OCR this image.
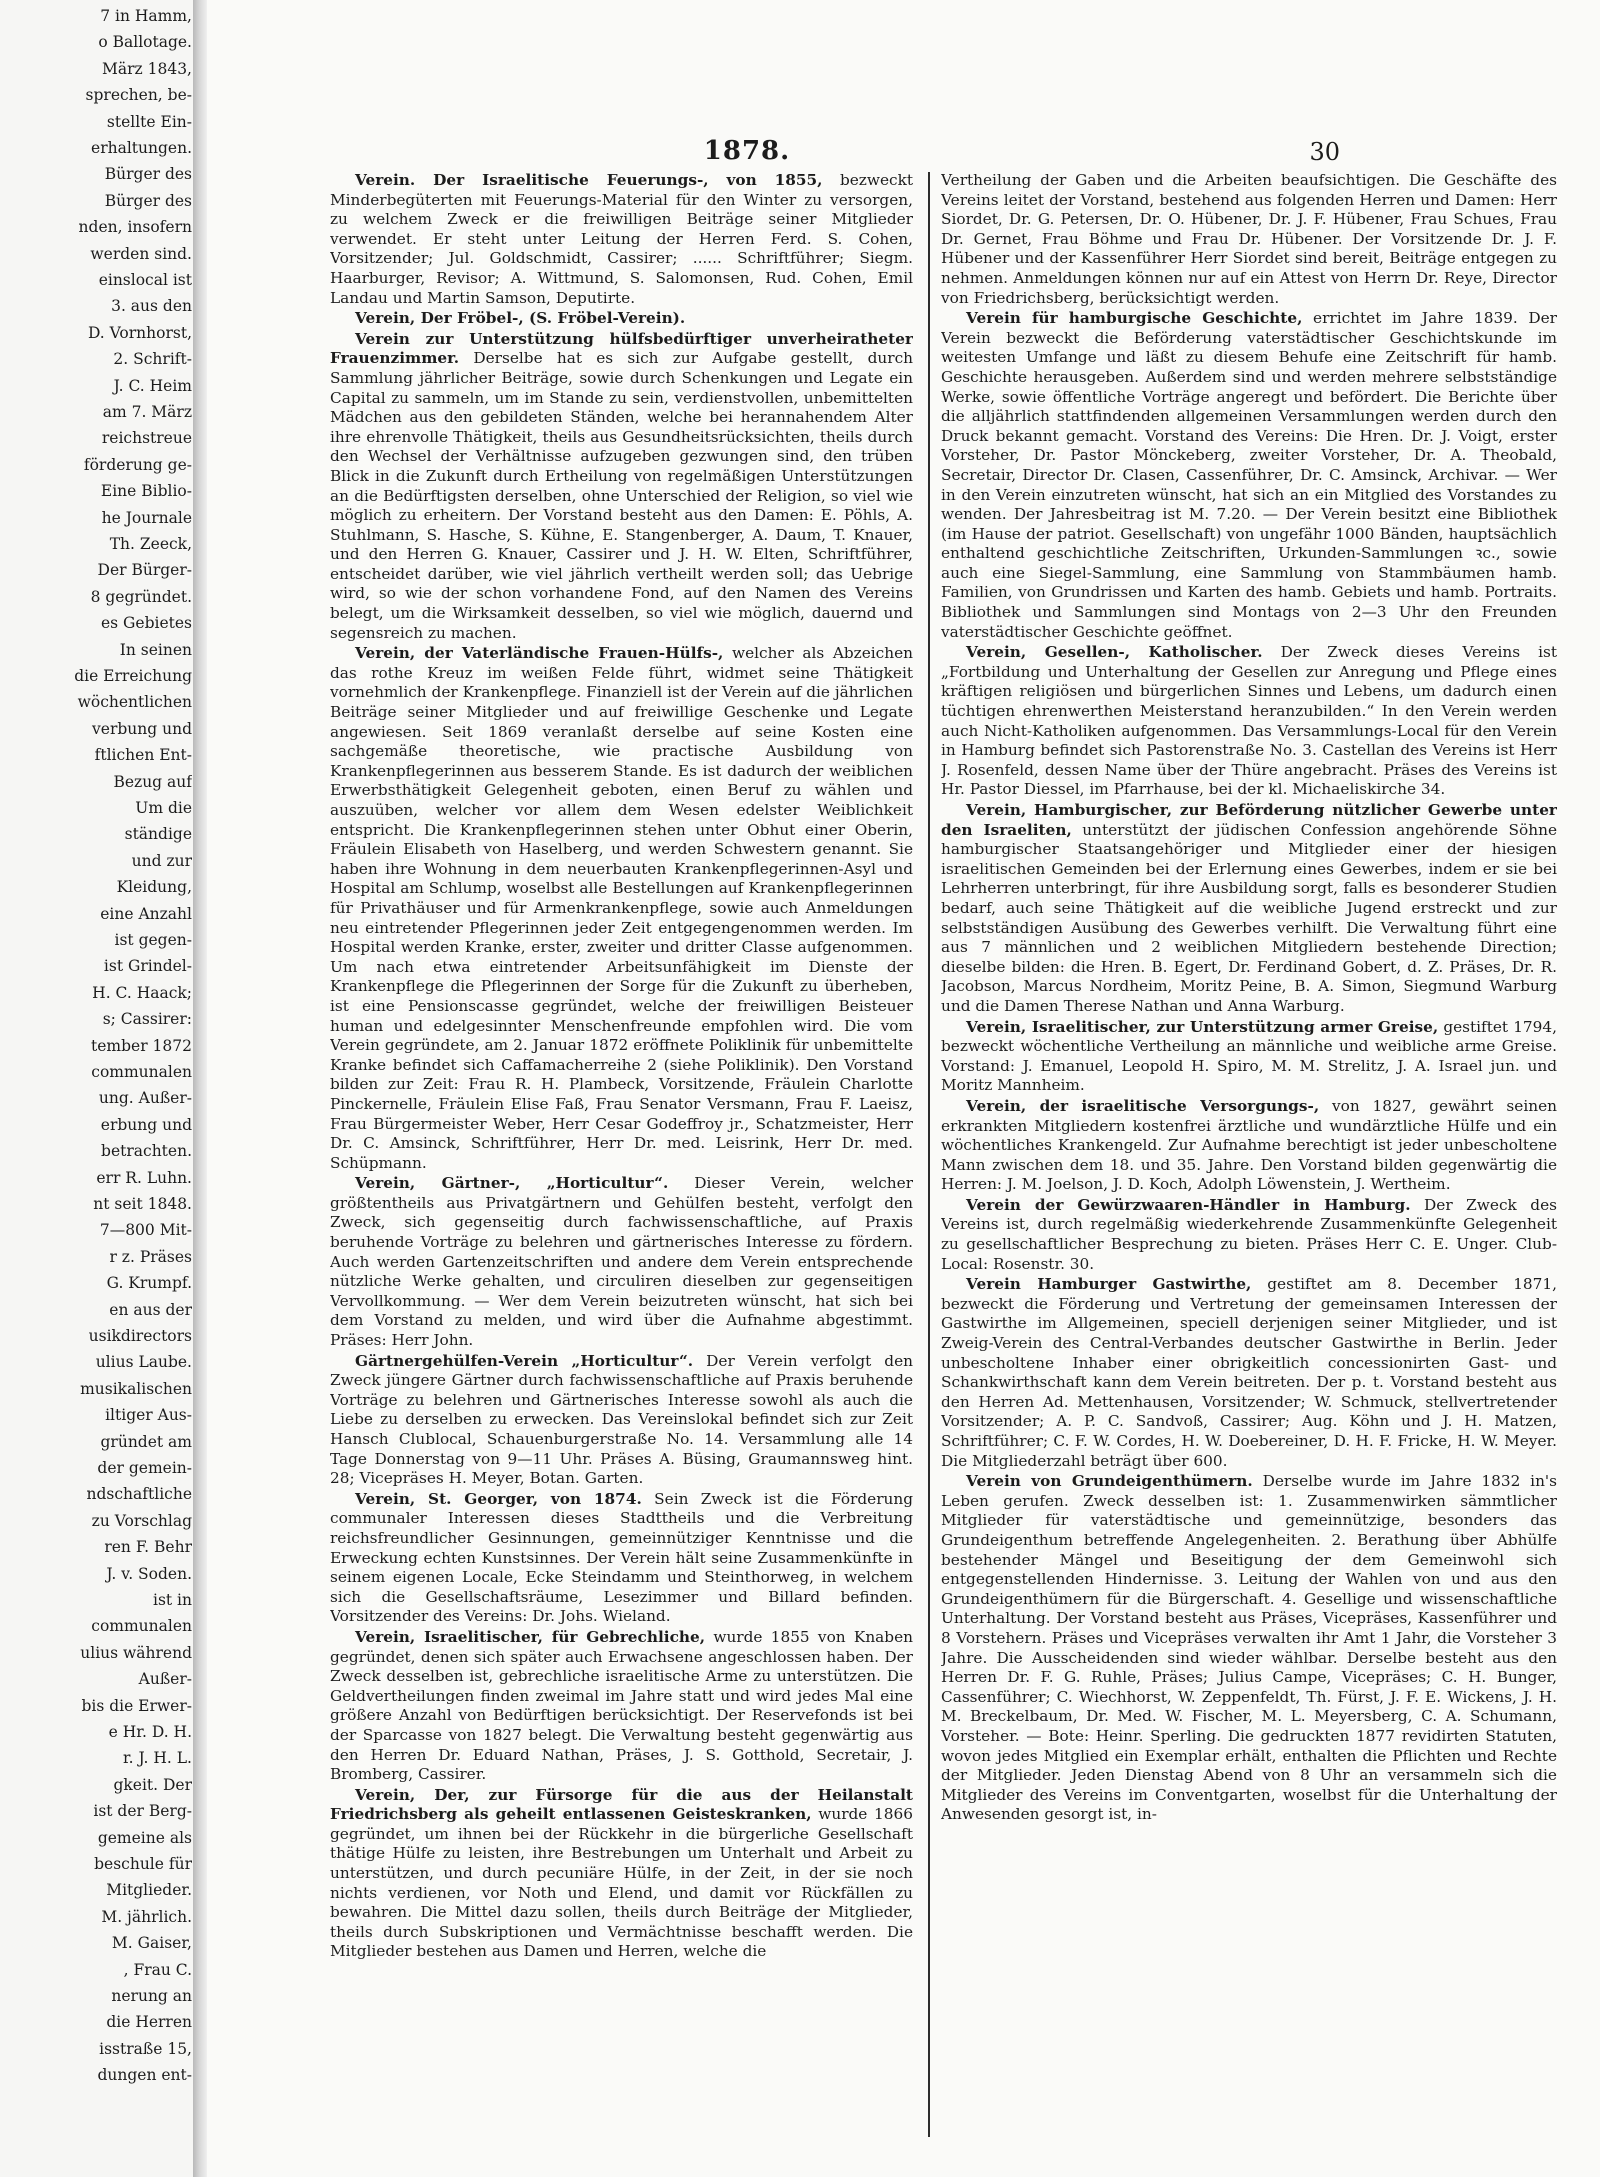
7 in Hamm,
o Ballotage.
März 1843,
sprechen, be-
stellte Ein-
erhaltungen.
Bürger des
Bürger des
nden, insofern
werden sind.
einslocal ist
3. aus den
D. Vornhorst,
2. Schrift-
J. C. Heim
am 7. März
reichstreue
förderung ge-
Eine Biblio-
he Journale
Th. Zeeck,
Der Bürger-
8 gegründet.
es Gebietes
In seinen
die Erreichung
wöchentlichen
verbung und
ftlichen Ent-
Bezug auf
Um die
ständige
und zur
Kleidung,
eine Anzahl
ist gegen-
ist Grindel-
H. C. Haack;
s; Cassirer:
tember 1872
communalen
ung. Außer-
erbung und
betrachten.
err R. Luhn.
nt seit 1848.
7—800 Mit-
r z. Präses
G. Krumpf.
en aus der
usikdirectors
ulius Laube.
musikalischen
iltiger Aus-
gründet am
der gemein-
ndschaftliche
zu Vorschlag
ren F. Behr
J. v. Soden.
ist in
communalen
ulius während
Außer-
bis die Erwer-
e Hr. D. H.
r. J. H. L.
gkeit. Der
ist der Berg-
gemeine als
beschule für
Mitglieder.
M. jährlich.
M. Gaiser,
, Frau C.
nerung an
die Herren
isstraße 15,
dungen ent-
1878.	30

Verein. Der Israelitische Feuerungs-, von 1855, bezweckt Minderbegüterten mit Feuerungs-Material für den Winter zu versorgen, zu welchem Zweck er die freiwilligen Beiträge seiner Mitglieder verwendet. Er steht unter Leitung der Herren Ferd. S. Cohen, Vorsitzender; Jul. Goldschmidt, Cassirer; ...... Schriftführer; Siegm. Haarburger, Revisor; A. Wittmund, S. Salomonsen, Rud. Cohen, Emil Landau und Martin Samson, Deputirte.

Verein, Der Fröbel-, (S. Fröbel-Verein).

Verein zur Unterstützung hülfsbedürftiger unverheiratheter Frauenzimmer. Derselbe hat es sich zur Aufgabe gestellt, durch Sammlung jährlicher Beiträge, sowie durch Schenkungen und Legate ein Capital zu sammeln, um im Stande zu sein, verdienstvollen, unbemittelten Mädchen aus den gebildeten Ständen, welche bei herannahendem Alter ihre ehrenvolle Thätigkeit, theils aus Gesundheitsrücksichten, theils durch den Wechsel der Verhältnisse aufzugeben gezwungen sind, den trüben Blick in die Zukunft durch Ertheilung von regelmäßigen Unterstützungen an die Bedürftigsten derselben, ohne Unterschied der Religion, so viel wie möglich zu erheitern. Der Vorstand besteht aus den Damen: E. Pöhls, A. Stuhlmann, S. Hasche, S. Kühne, E. Stangenberger, A. Daum, T. Knauer, und den Herren G. Knauer, Cassirer und J. H. W. Elten, Schriftführer, entscheidet darüber, wie viel jährlich vertheilt werden soll; das Uebrige wird, so wie der schon vorhandene Fond, auf den Namen des Vereins belegt, um die Wirksamkeit desselben, so viel wie möglich, dauernd und segensreich zu machen.

Verein, der Vaterländische Frauen-Hülfs-, welcher als Abzeichen das rothe Kreuz im weißen Felde führt, widmet seine Thätigkeit vornehmlich der Krankenpflege. Finanziell ist der Verein auf die jährlichen Beiträge seiner Mitglieder und auf freiwillige Geschenke und Legate angewiesen. Seit 1869 veranlaßt derselbe auf seine Kosten eine sachgemäße theoretische, wie practische Ausbildung von Krankenpflegerinnen aus besserem Stande. Es ist dadurch der weiblichen Erwerbsthätigkeit Gelegenheit geboten, einen Beruf zu wählen und auszuüben, welcher vor allem dem Wesen edelster Weiblichkeit entspricht. Die Krankenpflegerinnen stehen unter Obhut einer Oberin, Fräulein Elisabeth von Haselberg, und werden Schwestern genannt. Sie haben ihre Wohnung in dem neuerbauten Krankenpflegerinnen-Asyl und Hospital am Schlump, woselbst alle Bestellungen auf Krankenpflegerinnen für Privathäuser und für Armenkrankenpflege, sowie auch Anmeldungen neu eintretender Pflegerinnen jeder Zeit entgegengenommen werden. Im Hospital werden Kranke, erster, zweiter und dritter Classe aufgenommen. Um nach etwa eintretender Arbeitsunfähigkeit im Dienste der Krankenpflege die Pflegerinnen der Sorge für die Zukunft zu überheben, ist eine Pensionscasse gegründet, welche der freiwilligen Beisteuer human und edelgesinnter Menschenfreunde empfohlen wird. Die vom Verein gegründete, am 2. Januar 1872 eröffnete Poliklinik für unbemittelte Kranke befindet sich Caffamacherreihe 2 (siehe Poliklinik). Den Vorstand bilden zur Zeit: Frau R. H. Plambeck, Vorsitzende, Fräulein Charlotte Pinckernelle, Fräulein Elise Faß, Frau Senator Versmann, Frau F. Laeisz, Frau Bürgermeister Weber, Herr Cesar Godeffroy jr., Schatzmeister, Herr Dr. C. Amsinck, Schriftführer, Herr Dr. med. Leisrink, Herr Dr. med. Schüpmann.

Verein, Gärtner-, „Horticultur“. Dieser Verein, welcher größtentheils aus Privatgärtnern und Gehülfen besteht, verfolgt den Zweck, sich gegenseitig durch fachwissenschaftliche, auf Praxis beruhende Vorträge zu belehren und gärtnerisches Interesse zu fördern. Auch werden Gartenzeitschriften und andere dem Verein entsprechende nützliche Werke gehalten, und circuliren dieselben zur gegenseitigen Vervollkommung. — Wer dem Verein beizutreten wünscht, hat sich bei dem Vorstand zu melden, und wird über die Aufnahme abgestimmt. Präses: Herr John.

Gärtnergehülfen-Verein „Horticultur“. Der Verein verfolgt den Zweck jüngere Gärtner durch fachwissenschaftliche auf Praxis beruhende Vorträge zu belehren und Gärtnerisches Interesse sowohl als auch die Liebe zu derselben zu erwecken. Das Vereinslokal befindet sich zur Zeit Hansch Clublocal, Schauenburgerstraße No. 14. Versammlung alle 14 Tage Donnerstag von 9—11 Uhr. Präses A. Büsing, Graumannsweg hint. 28; Vicepräses H. Meyer, Botan. Garten.

Verein, St. Georger, von 1874. Sein Zweck ist die Förderung communaler Interessen dieses Stadttheils und die Verbreitung reichsfreundlicher Gesinnungen, gemeinnütziger Kenntnisse und die Erweckung echten Kunstsinnes. Der Verein hält seine Zusammenkünfte in seinem eigenen Locale, Ecke Steindamm und Steinthorweg, in welchem sich die Gesellschaftsräume, Lesezimmer und Billard befinden. Vorsitzender des Vereins: Dr. Johs. Wieland.

Verein, Israelitischer, für Gebrechliche, wurde 1855 von Knaben gegründet, denen sich später auch Erwachsene angeschlossen haben. Der Zweck desselben ist, gebrechliche israelitische Arme zu unterstützen. Die Geldvertheilungen finden zweimal im Jahre statt und wird jedes Mal eine größere Anzahl von Bedürftigen berücksichtigt. Der Reservefonds ist bei der Sparcasse von 1827 belegt. Die Verwaltung besteht gegenwärtig aus den Herren Dr. Eduard Nathan, Präses, J. S. Gotthold, Secretair, J. Bromberg, Cassirer.

Verein, Der, zur Fürsorge für die aus der Heilanstalt Friedrichsberg als geheilt entlassenen Geisteskranken, wurde 1866 gegründet, um ihnen bei der Rückkehr in die bürgerliche Gesellschaft thätige Hülfe zu leisten, ihre Bestrebungen um Unterhalt und Arbeit zu unterstützen, und durch pecuniäre Hülfe, in der Zeit, in der sie noch nichts verdienen, vor Noth und Elend, und damit vor Rückfällen zu bewahren. Die Mittel dazu sollen, theils durch Beiträge der Mitglieder, theils durch Subskriptionen und Vermächtnisse beschafft werden. Die Mitglieder bestehen aus Damen und Herren, welche die

Vertheilung der Gaben und die Arbeiten beaufsichtigen. Die Geschäfte des Vereins leitet der Vorstand, bestehend aus folgenden Herren und Damen: Herr Siordet, Dr. G. Petersen, Dr. O. Hübener, Dr. J. F. Hübener, Frau Schues, Frau Dr. Gernet, Frau Böhme und Frau Dr. Hübener. Der Vorsitzende Dr. J. F. Hübener und der Kassenführer Herr Siordet sind bereit, Beiträge entgegen zu nehmen. Anmeldungen können nur auf ein Attest von Herrn Dr. Reye, Director von Friedrichsberg, berücksichtigt werden.

Verein für hamburgische Geschichte, errichtet im Jahre 1839. Der Verein bezweckt die Beförderung vaterstädtischer Geschichtskunde im weitesten Umfange und läßt zu diesem Behufe eine Zeitschrift für hamb. Geschichte herausgeben. Außerdem sind und werden mehrere selbstständige Werke, sowie öffentliche Vorträge angeregt und befördert. Die Berichte über die alljährlich stattfindenden allgemeinen Versammlungen werden durch den Druck bekannt gemacht. Vorstand des Vereins: Die Hren. Dr. J. Voigt, erster Vorsteher, Dr. Pastor Mönckeberg, zweiter Vorsteher, Dr. A. Theobald, Secretair, Director Dr. Clasen, Cassenführer, Dr. C. Amsinck, Archivar. — Wer in den Verein einzutreten wünscht, hat sich an ein Mitglied des Vorstandes zu wenden. Der Jahresbeitrag ist M. 7.20. — Der Verein besitzt eine Bibliothek (im Hause der patriot. Gesellschaft) von ungefähr 1000 Bänden, hauptsächlich enthaltend geschichtliche Zeitschriften, Urkunden-Sammlungen ꝛc., sowie auch eine Siegel-Sammlung, eine Sammlung von Stammbäumen hamb. Familien, von Grundrissen und Karten des hamb. Gebiets und hamb. Portraits. Bibliothek und Sammlungen sind Montags von 2—3 Uhr den Freunden vaterstädtischer Geschichte geöffnet.

Verein, Gesellen-, Katholischer. Der Zweck dieses Vereins ist „Fortbildung und Unterhaltung der Gesellen zur Anregung und Pflege eines kräftigen religiösen und bürgerlichen Sinnes und Lebens, um dadurch einen tüchtigen ehrenwerthen Meisterstand heranzubilden.“ In den Verein werden auch Nicht-Katholiken aufgenommen. Das Versammlungs-Local für den Verein in Hamburg befindet sich Pastorenstraße No. 3. Castellan des Vereins ist Herr J. Rosenfeld, dessen Name über der Thüre angebracht. Präses des Vereins ist Hr. Pastor Diessel, im Pfarrhause, bei der kl. Michaeliskirche 34.

Verein, Hamburgischer, zur Beförderung nützlicher Gewerbe unter den Israeliten, unterstützt der jüdischen Confession angehörende Söhne hamburgischer Staatsangehöriger und Mitglieder einer der hiesigen israelitischen Gemeinden bei der Erlernung eines Gewerbes, indem er sie bei Lehrherren unterbringt, für ihre Ausbildung sorgt, falls es besonderer Studien bedarf, auch seine Thätigkeit auf die weibliche Jugend erstreckt und zur selbstständigen Ausübung des Gewerbes verhilft. Die Verwaltung führt eine aus 7 männlichen und 2 weiblichen Mitgliedern bestehende Direction; dieselbe bilden: die Hren. B. Egert, Dr. Ferdinand Gobert, d. Z. Präses, Dr. R. Jacobson, Marcus Nordheim, Moritz Peine, B. A. Simon, Siegmund Warburg und die Damen Therese Nathan und Anna Warburg.

Verein, Israelitischer, zur Unterstützung armer Greise, gestiftet 1794, bezweckt wöchentliche Vertheilung an männliche und weibliche arme Greise. Vorstand: J. Emanuel, Leopold H. Spiro, M. M. Strelitz, J. A. Israel jun. und Moritz Mannheim.

Verein, der israelitische Versorgungs-, von 1827, gewährt seinen erkrankten Mitgliedern kostenfrei ärztliche und wundärztliche Hülfe und ein wöchentliches Krankengeld. Zur Aufnahme berechtigt ist jeder unbescholtene Mann zwischen dem 18. und 35. Jahre. Den Vorstand bilden gegenwärtig die Herren: J. M. Joelson, J. D. Koch, Adolph Löwenstein, J. Wertheim.

Verein der Gewürzwaaren-Händler in Hamburg. Der Zweck des Vereins ist, durch regelmäßig wiederkehrende Zusammenkünfte Gelegenheit zu gesellschaftlicher Besprechung zu bieten. Präses Herr C. E. Unger. Club-Local: Rosenstr. 30.

Verein Hamburger Gastwirthe, gestiftet am 8. December 1871, bezweckt die Förderung und Vertretung der gemeinsamen Interessen der Gastwirthe im Allgemeinen, speciell derjenigen seiner Mitglieder, und ist Zweig-Verein des Central-Verbandes deutscher Gastwirthe in Berlin. Jeder unbescholtene Inhaber einer obrigkeitlich concessionirten Gast- und Schankwirthschaft kann dem Verein beitreten. Der p. t. Vorstand besteht aus den Herren Ad. Mettenhausen, Vorsitzender; W. Schmuck, stellvertretender Vorsitzender; A. P. C. Sandvoß, Cassirer; Aug. Köhn und J. H. Matzen, Schriftführer; C. F. W. Cordes, H. W. Doebereiner, D. H. F. Fricke, H. W. Meyer. Die Mitgliederzahl beträgt über 600.

Verein von Grundeigenthümern. Derselbe wurde im Jahre 1832 in's Leben gerufen. Zweck desselben ist: 1. Zusammenwirken sämmtlicher Mitglieder für vaterstädtische und gemeinnützige, besonders das Grundeigenthum betreffende Angelegenheiten. 2. Berathung über Abhülfe bestehender Mängel und Beseitigung der dem Gemeinwohl sich entgegenstellenden Hindernisse. 3. Leitung der Wahlen von und aus den Grundeigenthümern für die Bürgerschaft. 4. Gesellige und wissenschaftliche Unterhaltung. Der Vorstand besteht aus Präses, Vicepräses, Kassenführer und 8 Vorstehern. Präses und Vicepräses verwalten ihr Amt 1 Jahr, die Vorsteher 3 Jahre. Die Ausscheidenden sind wieder wählbar. Derselbe besteht aus den Herren Dr. F. G. Ruhle, Präses; Julius Campe, Vicepräses; C. H. Bunger, Cassenführer; C. Wiechhorst, W. Zeppenfeldt, Th. Fürst, J. F. E. Wickens, J. H. M. Breckelbaum, Dr. Med. W. Fischer, M. L. Meyersberg, C. A. Schumann, Vorsteher. — Bote: Heinr. Sperling. Die gedruckten 1877 revidirten Statuten, wovon jedes Mitglied ein Exemplar erhält, enthalten die Pflichten und Rechte der Mitglieder. Jeden Dienstag Abend von 8 Uhr an versammeln sich die Mitglieder des Vereins im Conventgarten, woselbst für die Unterhaltung der Anwesenden gesorgt ist, in-
